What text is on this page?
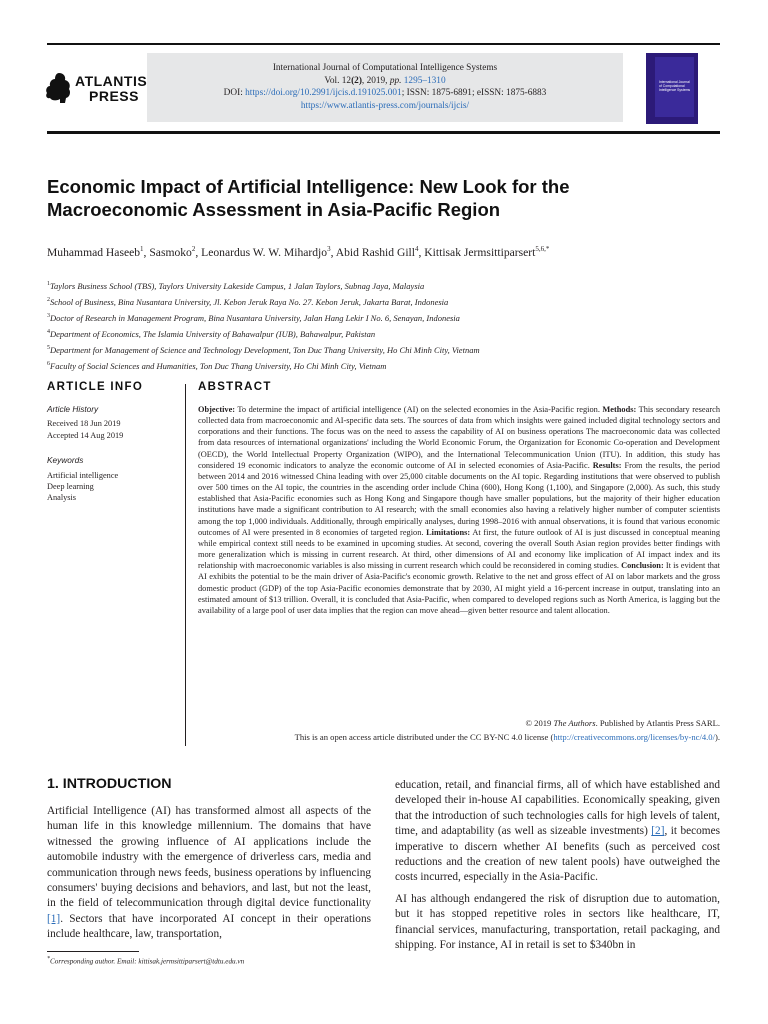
ATLANTIS
PRESS
International Journal of Computational Intelligence Systems
Vol. 12(2), 2019, pp. 1295–1310
DOI: https://doi.org/10.2991/ijcis.d.191025.001; ISSN: 1875-6891; eISSN: 1875-6883
https://www.atlantis-press.com/journals/ijcis/
International Journal of Computational Intelligence Systems
Economic Impact of Artificial Intelligence: New Look for the Macroeconomic Assessment in Asia-Pacific Region
Muhammad Haseeb$^1$, Sasmoko$^2$, Leonardus W. W. Mihardjo$^3$, Abid Rashid Gill$^4$, Kittisak Jermsittiparsert$^{5,6,*}$
$^1$Taylors Business School (TBS), Taylors University Lakeside Campus, 1 Jalan Taylors, Subnag Jaya, Malaysia
$^2$School of Business, Bina Nusantara University, Jl. Kebon Jeruk Raya No. 27. Kebon Jeruk, Jakarta Barat, Indonesia
$^3$Doctor of Research in Management Program, Bina Nusantara University, Jalan Hang Lekir I No. 6, Senayan, Indonesia
$^4$Department of Economics, The Islamia University of Bahawalpur (IUB), Bahawalpur, Pakistan
$^5$Department for Management of Science and Technology Development, Ton Duc Thang University, Ho Chi Minh City, Vietnam
$^6$Faculty of Social Sciences and Humanities, Ton Duc Thang University, Ho Chi Minh City, Vietnam
ARTICLE INFO
Article History
Received 18 Jun 2019
Accepted 14 Aug 2019
Keywords
Artificial intelligence
Deep learning
Analysis
ABSTRACT
Objective: To determine the impact of artificial intelligence (AI) on the selected economies in the Asia-Pacific region. Methods: This secondary research collected data from macroeconomic and AI-specific data sets. The sources of data from which insights were gained included digital technology sectors and corporations and their functions. The focus was on the need to assess the capability of AI on business operations The macroeconomic data was collected from data resources of international organizations' including the World Economic Forum, the Organization for Economic Co-operation and Development (OECD), the World Intellectual Property Organization (WIPO), and the International Telecommunication Union (ITU). In addition, this study has considered 19 economic indicators to analyze the economic outcome of AI in selected economies of Asia-Pacific. Results: From the results, the period between 2014 and 2016 witnessed China leading with over 25,000 citable documents on the AI topic. Regarding institutions that were observed to publish over 500 times on the AI topic, the countries in the ascending order include China (600), Hong Kong (1,100), and Singapore (2,000). As such, this study established that Asia-Pacific economies such as Hong Kong and Singapore though have smaller populations, but the majority of their higher education institutions have made a significant contribution to AI research; with the small economies also having a relatively higher number of computer scientists among the top 1,000 individuals. Additionally, through empirically analyses, during 1998–2016 with annual observations, it is found that various economic outcomes of AI were presented in 8 economies of targeted region. Limitations: At first, the future outlook of AI is just discussed in conceptual meaning while empirical context still needs to be examined in upcoming studies. At second, covering the overall South Asian region provides better findings with more generalization which is missing in current research. At third, other dimensions of AI and economy like implication of AI impact index and its relationship with macroeconomic variables is also missing in current research which could be reconsidered in coming studies. Conclusion: It is evident that AI exhibits the potential to be the main driver of Asia-Pacific's economic growth. Relative to the net and gross effect of AI on labor markets and the gross domestic product (GDP) of the top Asia-Pacific economies demonstrate that by 2030, AI might yield a 16-percent increase in output, translating into an estimated amount of $13 trillion. Overall, it is concluded that Asia-Pacific, when compared to developed regions such as North America, is lagging but the availability of a large pool of user data implies that the region can move ahead—given better resource and talent allocation.
© 2019 The Authors. Published by Atlantis Press SARL.
This is an open access article distributed under the CC BY-NC 4.0 license (http://creativecommons.org/licenses/by-nc/4.0/).
1. INTRODUCTION

Artificial Intelligence (AI) has transformed almost all aspects of the human life in this knowledge millennium. The domains that have witnessed the growing influence of AI applications include the automobile industry with the emergence of driverless cars, media and communication through news feeds, business operations by influencing consumers' buying decisions and behaviors, and last, but not the least, in the field of telecommunication through digital device functionality [1]. Sectors that have incorporated AI concept in their operations include healthcare, law, transportation,

education, retail, and financial firms, all of which have established and developed their in-house AI capabilities. Economically speaking, given that the introduction of such technologies calls for high levels of talent, time, and adaptability (as well as sizeable investments) [2], it becomes imperative to discern whether AI benefits (such as perceived cost reductions and the creation of new talent pools) have outweighed the costs incurred, especially in the Asia-Pacific.

AI has although endangered the risk of disruption due to automation, but it has stopped repetitive roles in sectors like healthcare, IT, financial services, manufacturing, transportation, retail packaging, and shipping. For instance, AI in retail is set to $340bn in

*Corresponding author. Email: kittisak.jermsittiparsert@tdtu.edu.vn
